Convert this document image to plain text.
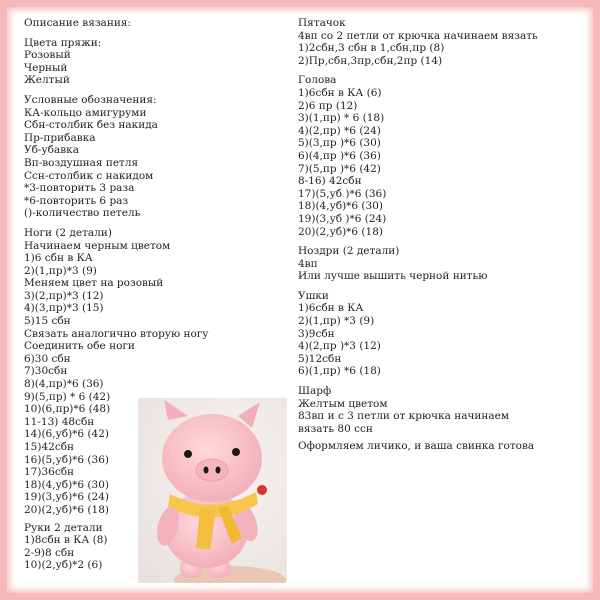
Описание вязания:
Цвета пряжи:
Розовый
Черный
Желтый
Условные обозначения:
КА-кольцо амигуруми
Сбн-столбик без накида
Пр-прибавка
Уб-убавка
Вп-воздушная петля
Ссн-столбик с накидом
*3-повторить 3 раза
*6-повторить 6 раз
()-количество петель
Ноги (2 детали)
Начинаем черным цветом
1)6 сбн в КА
2)(1,пр)*3 (9)
Меняем цвет на розовый
3)(2,пр)*3 (12)
4)(3,пр)*3 (15)
5)15 сбн
Связать аналогично вторую ногу
Соединить обе ноги
6)30 сбн
7)30сбн
8)(4,пр)*6 (36)
9)(5,пр) * 6 (42)
10)(6,пр)*6 (48)
11-13) 48сбн
14)(6,уб)*6 (42)
15)42сбн
16)(5,уб)*6 (36)
17)36сбн
18)(4,уб)*6 (30)
19)(3,уб)*6 (24)
20)(2,уб)*6 (18)
Руки 2 детали
1)8сбн в КА (8)
2-9)8 сбн
10)(2,уб)*2 (6)
Пятачок
4вп со 2 петли от крючка начинаем вязать
1)2сбн,3 сбн в 1,сбн,пр (8)
2)Пр,сбн,3пр,сбн,2пр (14)
Голова
1)6сбн в КА (6)
2)6 пр (12)
3)(1,пр) * 6 (18)
4)(2,пр) *6 (24)
5)(3,пр )*6 (30)
6)(4,пр )*6 (36)
7)(5,пр )*6 (42)
8-16) 42сбн
17)(5,уб )*6 (36)
18)(4,уб)*6 (30)
19)(3,уб )*6 (24)
20)(2,уб)*6 (18)
Ноздри (2 детали)
4вп
Или лучше вышить черной нитью
Ушки
1)6сбн в КА
2)(1,пр) *3 (9)
3)9сбн
4)(2,пр )*3 (12)
5)12сбн
6)(1,пр) *6 (18)
Шарф
Желтым цветом
83вп и с 3 петли от крючка начинаем
вязать 80 ссн
Оформляем личико, и ваша свинка готова
